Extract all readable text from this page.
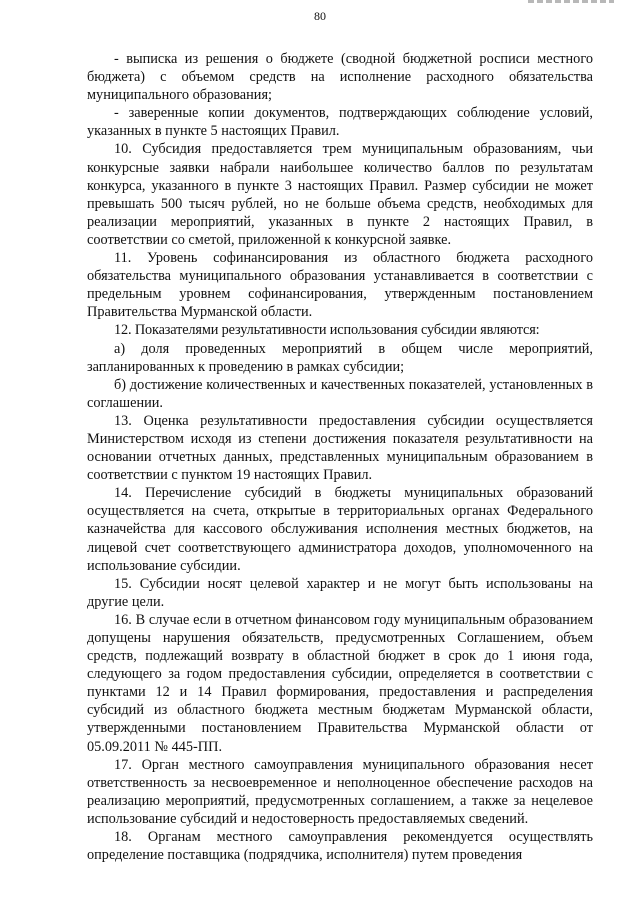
80

- выписка из решения о бюджете (сводной бюджетной росписи местного бюджета) с объемом средств на исполнение расходного обязательства муниципального образования;

- заверенные копии документов, подтверждающих соблюдение условий, указанных в пункте 5 настоящих Правил.

10. Субсидия предоставляется трем муниципальным образованиям, чьи конкурсные заявки набрали наибольшее количество баллов по результатам конкурса, указанного в пункте 3 настоящих Правил. Размер субсидии не может превышать 500 тысяч рублей, но не больше объема средств, необходимых для реализации мероприятий, указанных в пункте 2 настоящих Правил, в соответствии со сметой, приложенной к конкурсной заявке.

11. Уровень софинансирования из областного бюджета расходного обязательства муниципального образования устанавливается в соответствии с предельным уровнем софинансирования, утвержденным постановлением Правительства Мурманской области.

12. Показателями результативности использования субсидии являются:

а) доля проведенных мероприятий в общем числе мероприятий, запланированных к проведению в рамках субсидии;

б) достижение количественных и качественных показателей, установленных в соглашении.

13. Оценка результативности предоставления субсидии осуществляется Министерством исходя из степени достижения показателя результативности на основании отчетных данных, представленных муниципальным образованием в соответствии с пунктом 19 настоящих Правил.

14. Перечисление субсидий в бюджеты муниципальных образований осуществляется на счета, открытые в территориальных органах Федерального казначейства для кассового обслуживания исполнения местных бюджетов, на лицевой счет соответствующего администратора доходов, уполномоченного на использование субсидии.

15. Субсидии носят целевой характер и не могут быть использованы на другие цели.

16. В случае если в отчетном финансовом году муниципальным образованием допущены нарушения обязательств, предусмотренных Соглашением, объем средств, подлежащий возврату в областной бюджет в срок до 1 июня года, следующего за годом предоставления субсидии, определяется в соответствии с пунктами 12 и 14 Правил формирования, предоставления и распределения субсидий из областного бюджета местным бюджетам Мурманской области, утвержденными постановлением Правительства Мурманской области от 05.09.2011 № 445-ПП.

17. Орган местного самоуправления муниципального образования несет ответственность за несвоевременное и неполноценное обеспечение расходов на реализацию мероприятий, предусмотренных соглашением, а также за нецелевое использование субсидий и недостоверность предоставляемых сведений.

18. Органам местного самоуправления рекомендуется осуществлять определение поставщика (подрядчика, исполнителя) путем проведения
